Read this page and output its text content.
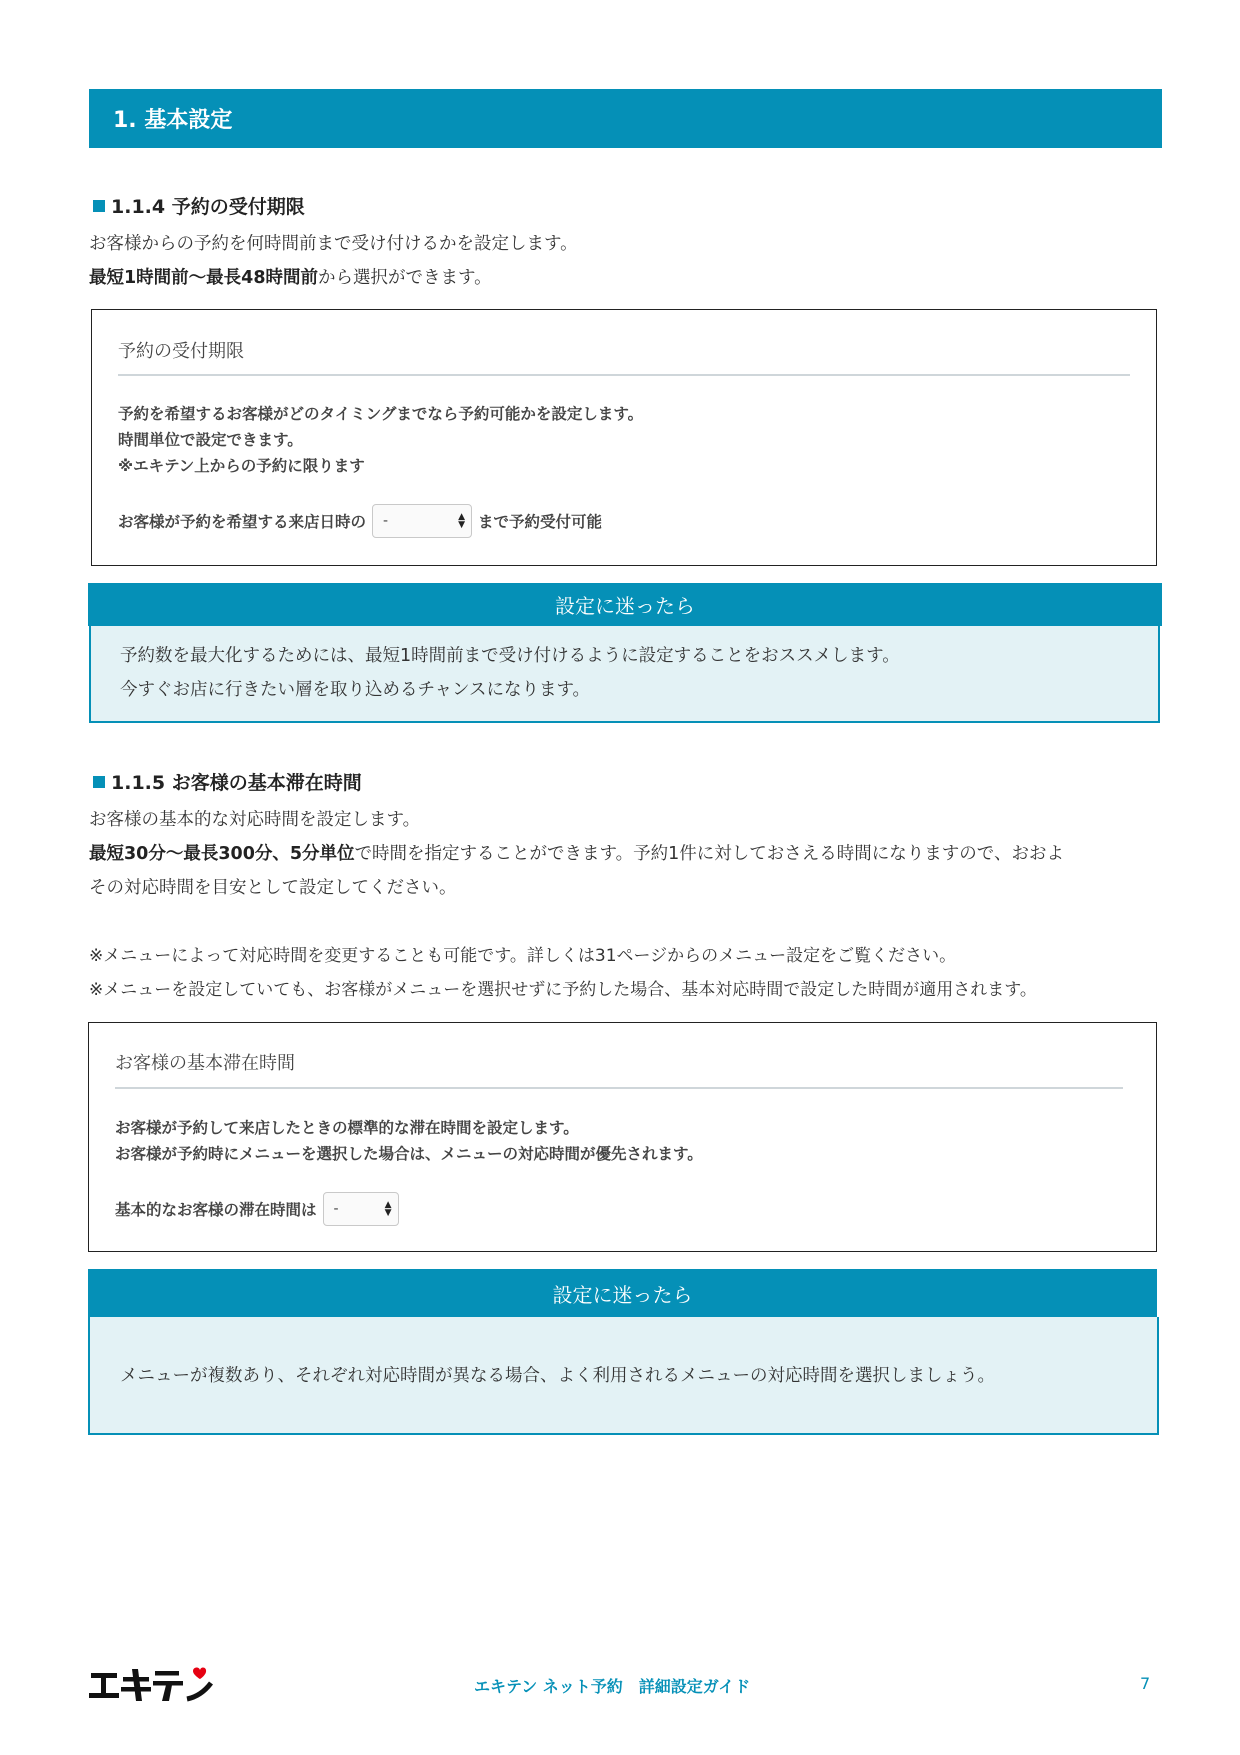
1. 基本設定
1.1.4 予約の受付期限
お客様からの予約を何時間前まで受け付けるかを設定します。
最短1時間前～最長48時間前から選択ができます。
予約の受付期限
予約を希望するお客様がどのタイミングまでなら予約可能かを設定します。
時間単位で設定できます。
※エキテン上からの予約に限ります
お客様が予約を希望する来店日時の -	▲
▼ まで予約受付可能
設定に迷ったら
予約数を最大化するためには、最短1時間前まで受け付けるように設定することをおススメします。
今すぐお店に行きたい層を取り込めるチャンスになります。
1.1.5 お客様の基本滞在時間
お客様の基本的な対応時間を設定します。
最短30分～最長300分、5分単位で時間を指定することができます。予約1件に対しておさえる時間になりますので、おおよ
その対応時間を目安として設定してください。
※メニューによって対応時間を変更することも可能です。詳しくは31ページからのメニュー設定をご覧ください。
※メニューを設定していても、お客様がメニューを選択せずに予約した場合、基本対応時間で設定した時間が適用されます。
お客様の基本滞在時間
お客様が予約して来店したときの標準的な滞在時間を設定します。
お客様が予約時にメニューを選択した場合は、メニューの対応時間が優先されます。
基本的なお客様の滞在時間は -	▲
▼
設定に迷ったら
メニューが複数あり、それぞれ対応時間が異なる場合、よく利用されるメニューの対応時間を選択しましょう。
エキテン ネット予約　詳細設定ガイド	7
